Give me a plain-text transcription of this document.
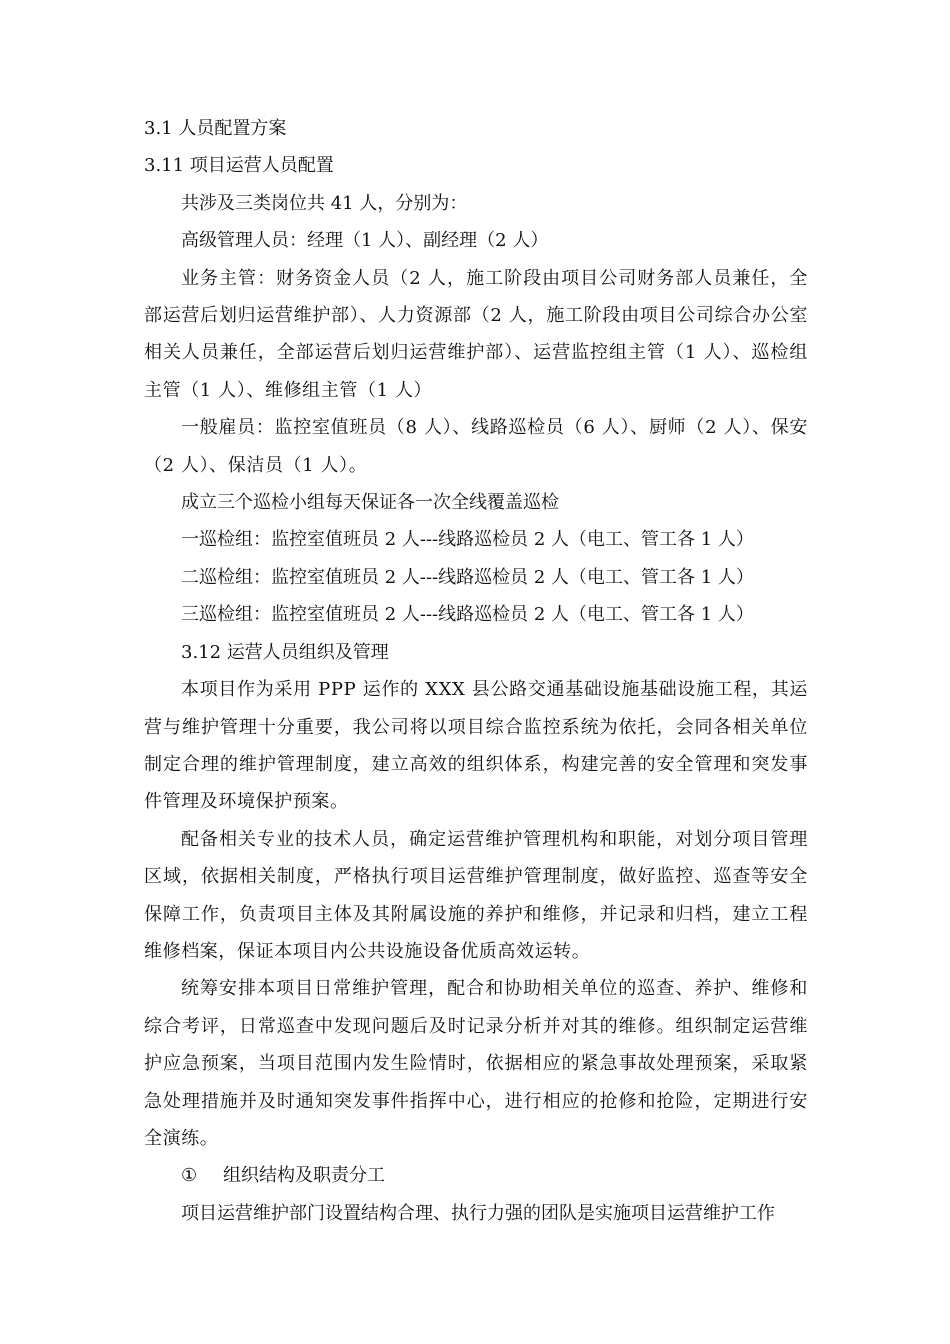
3.1 人员配置方案
3.11 项目运营人员配置
共涉及三类岗位共 41 人，分别为：
高级管理人员：经理（1 人）、副经理（2 人）
业务主管：财务资金人员（2 人，施工阶段由项目公司财务部人员兼任，全部运营后划归运营维护部）、人力资源部（2 人，施工阶段由项目公司综合办公室相关人员兼任，全部运营后划归运营维护部）、运营监控组主管（1 人）、巡检组主管（1 人）、维修组主管（1 人）
一般雇员：监控室值班员（8 人）、线路巡检员（6 人）、厨师（2 人）、保安（2 人）、保洁员（1 人）。
成立三个巡检小组每天保证各一次全线覆盖巡检
一巡检组：监控室值班员 2 人---线路巡检员 2 人（电工、管工各 1 人）
二巡检组：监控室值班员 2 人---线路巡检员 2 人（电工、管工各 1 人）
三巡检组：监控室值班员 2 人---线路巡检员 2 人（电工、管工各 1 人）
3.12 运营人员组织及管理
本项目作为采用 PPP 运作的 XXX 县公路交通基础设施基础设施工程，其运营与维护管理十分重要，我公司将以项目综合监控系统为依托，会同各相关单位制定合理的维护管理制度，建立高效的组织体系，构建完善的安全管理和突发事件管理及环境保护预案。
配备相关专业的技术人员，确定运营维护管理机构和职能，对划分项目管理区域，依据相关制度，严格执行项目运营维护管理制度，做好监控、巡查等安全保障工作，负责项目主体及其附属设施的养护和维修，并记录和归档，建立工程维修档案，保证本项目内公共设施设备优质高效运转。
统筹安排本项目日常维护管理，配合和协助相关单位的巡查、养护、维修和综合考评，日常巡查中发现问题后及时记录分析并对其的维修。组织制定运营维护应急预案，当项目范围内发生险情时，依据相应的紧急事故处理预案，采取紧急处理措施并及时通知突发事件指挥中心，进行相应的抢修和抢险，定期进行安全演练。
① 组织结构及职责分工
项目运营维护部门设置结构合理、执行力强的团队是实施项目运营维护工作
